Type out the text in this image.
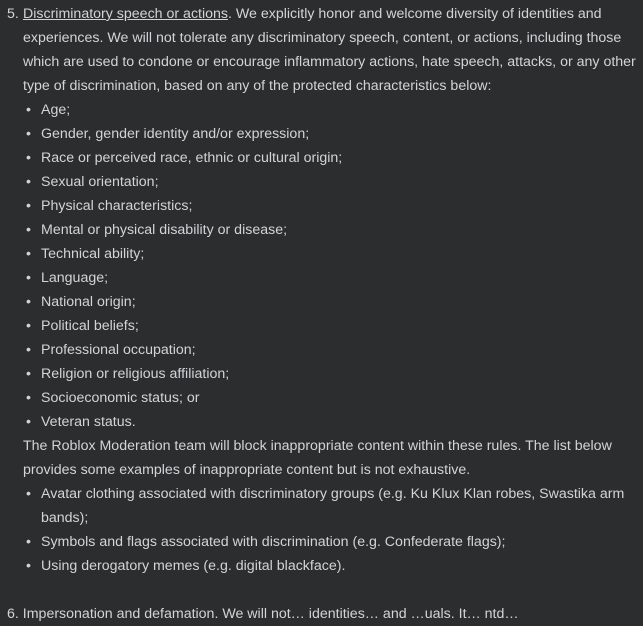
5. Discriminatory speech or actions. We explicitly honor and welcome diversity of identities and experiences. We will not tolerate any discriminatory speech, content, or actions, including those which are used to condone or encourage inflammatory actions, hate speech, attacks, or any other type of discrimination, based on any of the protected characteristics below:
• Age;
• Gender, gender identity and/or expression;
• Race or perceived race, ethnic or cultural origin;
• Sexual orientation;
• Physical characteristics;
• Mental or physical disability or disease;
• Technical ability;
• Language;
• National origin;
• Political beliefs;
• Professional occupation;
• Religion or religious affiliation;
• Socioeconomic status; or
• Veteran status.
The Roblox Moderation team will block inappropriate content within these rules. The list below provides some examples of inappropriate content but is not exhaustive.
• Avatar clothing associated with discriminatory groups (e.g. Ku Klux Klan robes, Swastika arm bands);
• Symbols and flags associated with discrimination (e.g. Confederate flags);
• Using derogatory memes (e.g. digital blackface).
6. Impersonation and defamation. We will not… identities… and …uals. It… ntd…
